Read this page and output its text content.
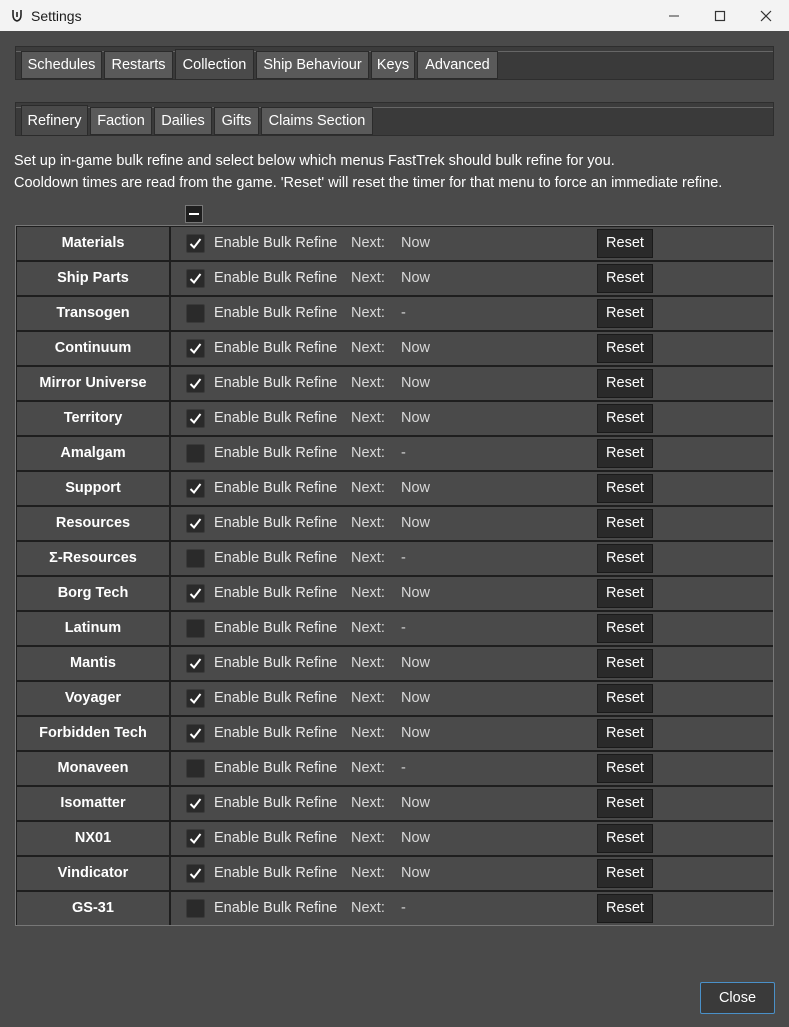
Settings
Schedules	Restarts	Collection	Ship Behaviour	Keys	Advanced
Refinery	Faction	Dailies	Gifts	Claims Section
Set up in-game bulk refine and select below which menus FastTrek should bulk refine for you.
Cooldown times are read from the game. 'Reset' will reset the timer for that menu to force an immediate refine.
Materials	Enable Bulk Refine Next: Now	Reset
Ship Parts	Enable Bulk Refine Next: Now	Reset
Transogen	Enable Bulk Refine Next: -	Reset
Continuum	Enable Bulk Refine Next: Now	Reset
Mirror Universe	Enable Bulk Refine Next: Now	Reset
Territory	Enable Bulk Refine Next: Now	Reset
Amalgam	Enable Bulk Refine Next: -	Reset
Support	Enable Bulk Refine Next: Now	Reset
Resources	Enable Bulk Refine Next: Now	Reset
Σ-Resources	Enable Bulk Refine Next: -	Reset
Borg Tech	Enable Bulk Refine Next: Now	Reset
Latinum	Enable Bulk Refine Next: -	Reset
Mantis	Enable Bulk Refine Next: Now	Reset
Voyager	Enable Bulk Refine Next: Now	Reset
Forbidden Tech	Enable Bulk Refine Next: Now	Reset
Monaveen	Enable Bulk Refine Next: -	Reset
Isomatter	Enable Bulk Refine Next: Now	Reset
NX01	Enable Bulk Refine Next: Now	Reset
Vindicator	Enable Bulk Refine Next: Now	Reset
GS-31	Enable Bulk Refine Next: -	Reset
Close
